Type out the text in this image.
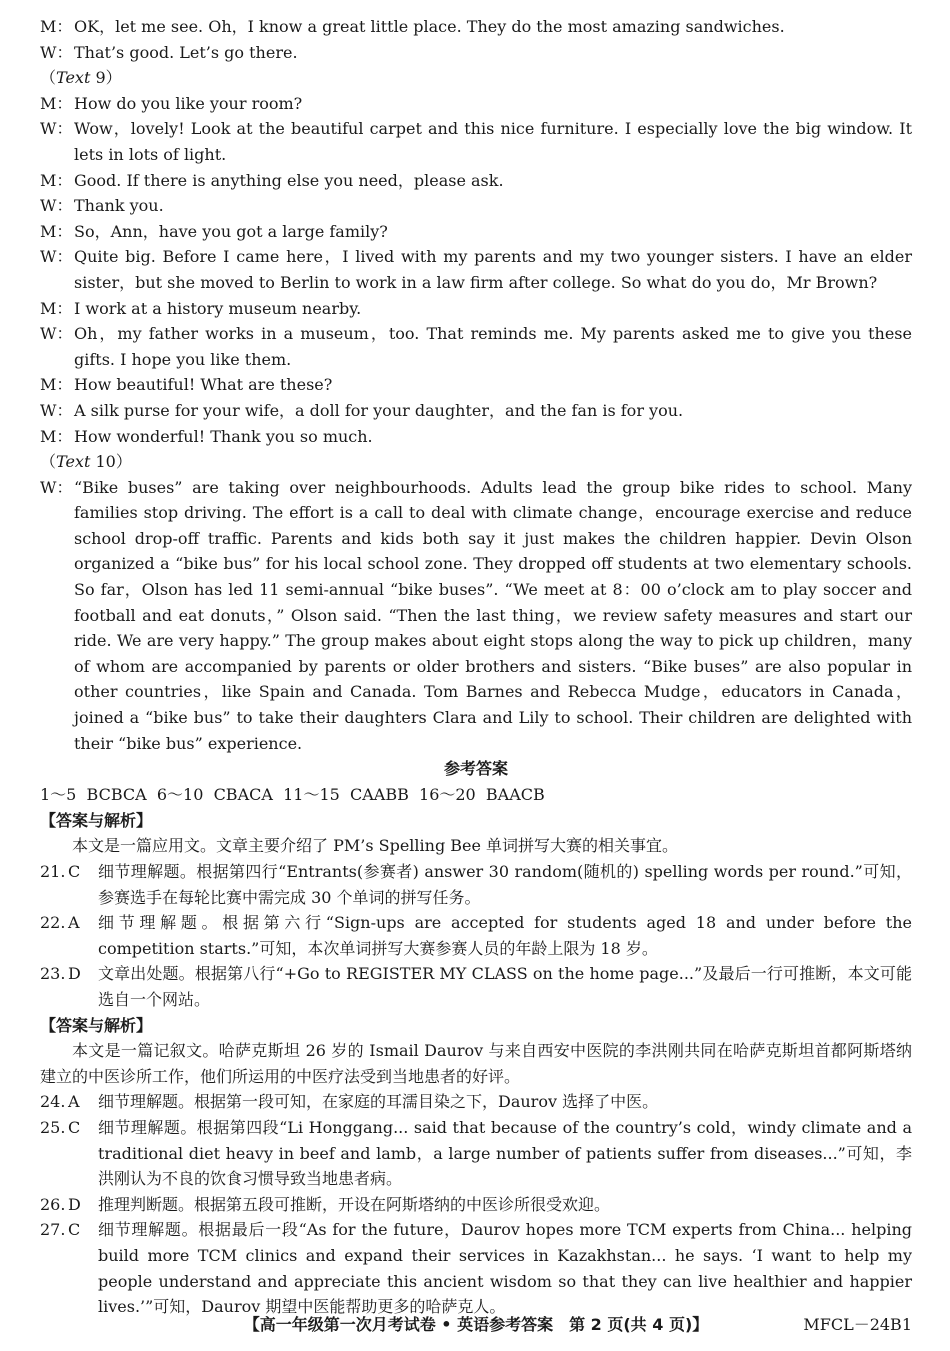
M： OK，let me see. Oh，I know a great little place. They do the most amazing sandwiches.
W： That’s good. Let’s go there.

（Text 9）

M： How do you like your room?
W： Wow，lovely! Look at the beautiful carpet and this nice furniture. I especially love the big window. It lets in lots of light.
M： Good. If there is anything else you need，please ask.
W： Thank you.
M： So，Ann，have you got a large family?
W： Quite big. Before I came here，I lived with my parents and my two younger sisters. I have an elder sister，but she moved to Berlin to work in a law firm after college. So what do you do，Mr Brown?
M： I work at a history museum nearby.
W： Oh，my father works in a museum，too. That reminds me. My parents asked me to give you these gifts. I hope you like them.
M： How beautiful! What are these?
W： A silk purse for your wife，a doll for your daughter，and the fan is for you.
M： How wonderful! Thank you so much.

（Text 10）

W： “Bike buses” are taking over neighbourhoods. Adults lead the group bike rides to school. Many families stop driving. The effort is a call to deal with climate change，encourage exercise and reduce school drop-off traffic. Parents and kids both say it just makes the children happier. Devin Olson organized a “bike bus” for his local school zone. They dropped off students at two elementary schools. So far，Olson has led 11 semi-annual “bike buses”. “We meet at 8：00 o’clock am to play soccer and football and eat donuts，” Olson said. “Then the last thing，we review safety measures and start our ride. We are very happy.” The group makes about eight stops along the way to pick up children，many of whom are accompanied by parents or older brothers and sisters. “Bike buses” are also popular in other countries，like Spain and Canada. Tom Barnes and Rebecca Mudge，educators in Canada，joined a “bike bus” to take their daughters Clara and Lily to school. Their children are delighted with their “bike bus” experience.

参考答案

1～5  BCBCA  6～10  CBACA  11～15  CAABB  16～20  BAACB

【答案与解析】

本文是一篇应用文。文章主要介绍了 PM’s Spelling Bee 单词拼写大赛的相关事宜。

21. C	细节理解题。根据第四行“Entrants(参赛者) answer 30 random(随机的) spelling words per round.”可知，参赛选手在每轮比赛中需完成 30 个单词的拼写任务。
22. A	细节理解题。根据第六行“Sign-ups are accepted for students aged 18 and under before the competition starts.”可知，本次单词拼写大赛参赛人员的年龄上限为 18 岁。
23. D	文章出处题。根据第八行“+Go to REGISTER MY CLASS on the home page...”及最后一行可推断，本文可能选自一个网站。

【答案与解析】

本文是一篇记叙文。哈萨克斯坦 26 岁的 Ismail Daurov 与来自西安中医院的李洪刚共同在哈萨克斯坦首都阿斯塔纳建立的中医诊所工作，他们所运用的中医疗法受到当地患者的好评。

24. A	细节理解题。根据第一段可知，在家庭的耳濡目染之下，Daurov 选择了中医。
25. C	细节理解题。根据第四段“Li Honggang... said that because of the country’s cold，windy climate and a traditional diet heavy in beef and lamb，a large number of patients suffer from diseases...”可知，李洪刚认为不良的饮食习惯导致当地患者病。
26. D	推理判断题。根据第五段可推断，开设在阿斯塔纳的中医诊所很受欢迎。
27. C	细节理解题。根据最后一段“As for the future，Daurov hopes more TCM experts from China... helping build more TCM clinics and expand their services in Kazakhstan... he says. ‘I want to help my people understand and appreciate this ancient wisdom so that they can live healthier and happier lives.’”可知，Daurov 期望中医能帮助更多的哈萨克人。
【高一年级第一次月考试卷 • 英语参考答案　第 2 页(共 4 页)】	MFCL－24B1
